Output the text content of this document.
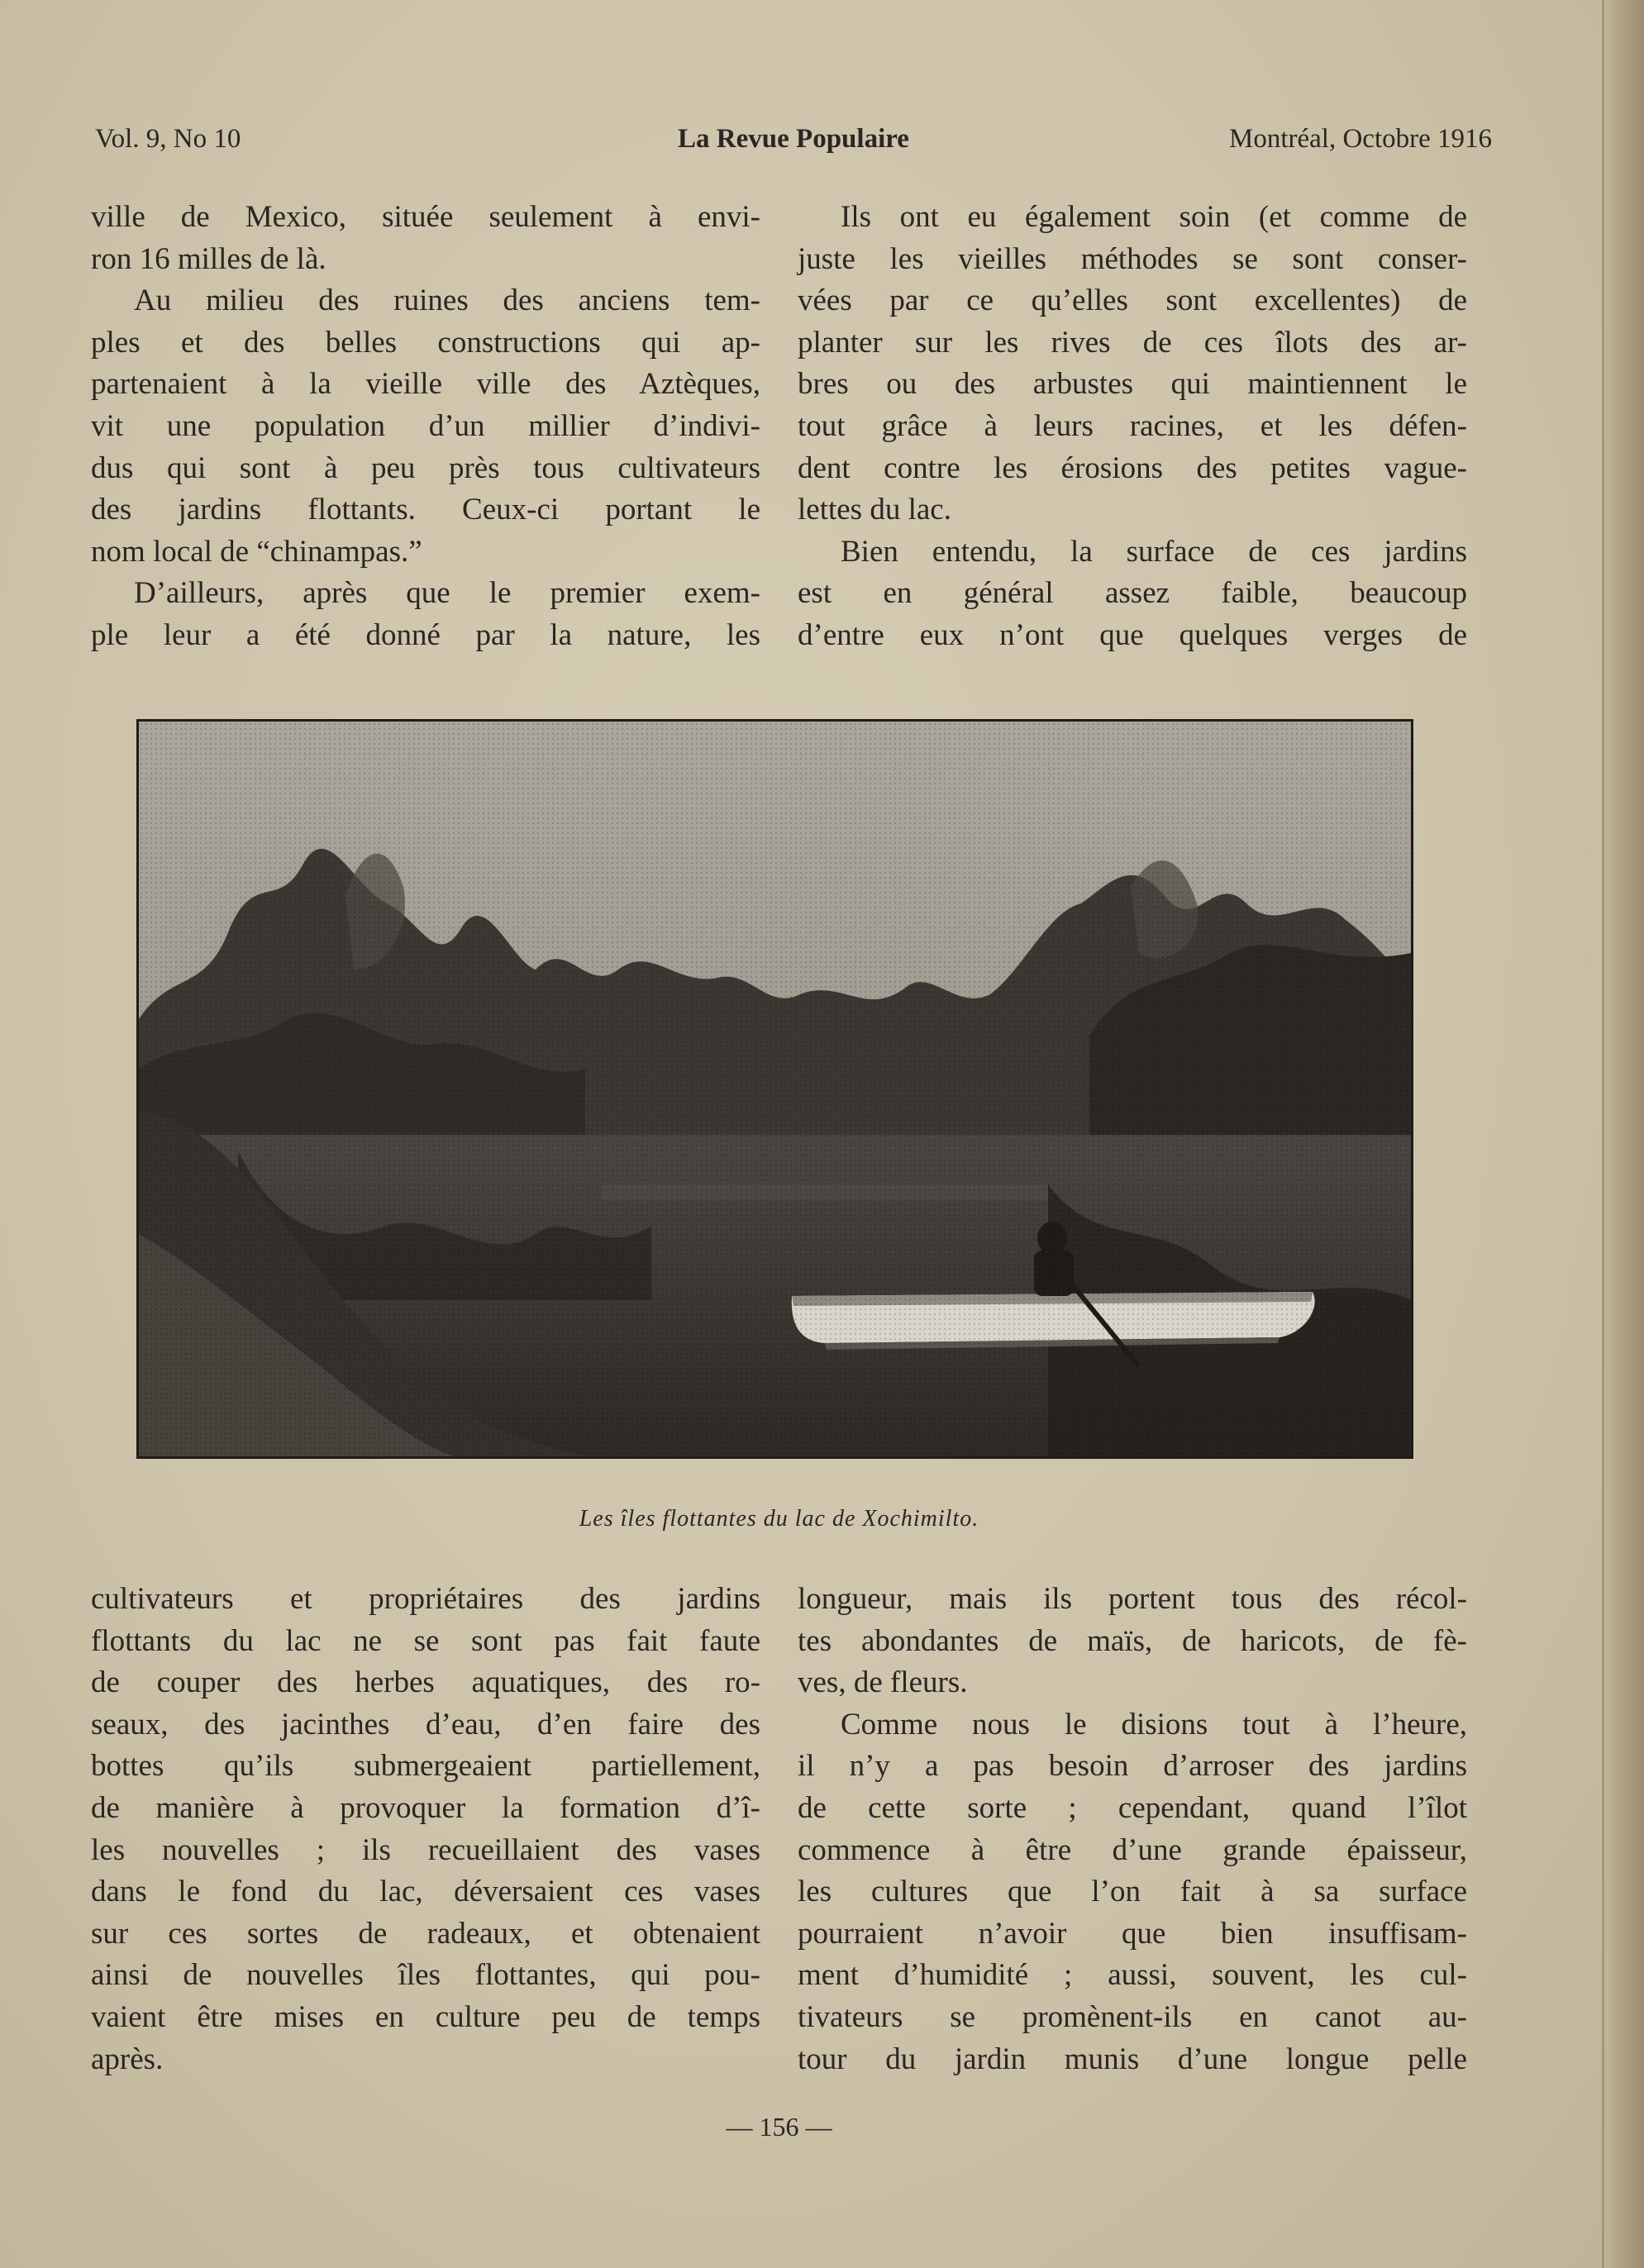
Vol. 9, No 10	La Revue Populaire	Montréal, Octobre 1916

ville de Mexico, située seulement à envi-

ron 16 milles de là.

Au milieu des ruines des anciens tem-

ples et des belles constructions qui ap-

partenaient à la vieille ville des Aztèques,

vit une population d’un millier d’indivi-

dus qui sont à peu près tous cultivateurs

des jardins flottants. Ceux-ci portant le

nom local de “chinampas.”

D’ailleurs, après que le premier exem-

ple leur a été donné par la nature, les

Ils ont eu également soin (et comme de

juste les vieilles méthodes se sont conser-

vées par ce qu’elles sont excellentes) de

planter sur les rives de ces îlots des ar-

bres ou des arbustes qui maintiennent le

tout grâce à leurs racines, et les défen-

dent contre les érosions des petites vague-

lettes du lac.

Bien entendu, la surface de ces jardins

est en général assez faible, beaucoup

d’entre eux n’ont que quelques verges de

Les îles flottantes du lac de Xochimilto.

cultivateurs et propriétaires des jardins

flottants du lac ne se sont pas fait faute

de couper des herbes aquatiques, des ro-

seaux, des jacinthes d’eau, d’en faire des

bottes qu’ils submergeaient partiellement,

de manière à provoquer la formation d’î-

les nouvelles ; ils recueillaient des vases

dans le fond du lac, déversaient ces vases

sur ces sortes de radeaux, et obtenaient

ainsi de nouvelles îles flottantes, qui pou-

vaient être mises en culture peu de temps

après.

longueur, mais ils portent tous des récol-

tes abondantes de maïs, de haricots, de fè-

ves, de fleurs.

Comme nous le disions tout à l’heure,

il n’y a pas besoin d’arroser des jardins

de cette sorte ; cependant, quand l’îlot

commence à être d’une grande épaisseur,

les cultures que l’on fait à sa surface

pourraient n’avoir que bien insuffisam-

ment d’humidité ; aussi, souvent, les cul-

tivateurs se promènent-ils en canot au-

tour du jardin munis d’une longue pelle

— 156 —
